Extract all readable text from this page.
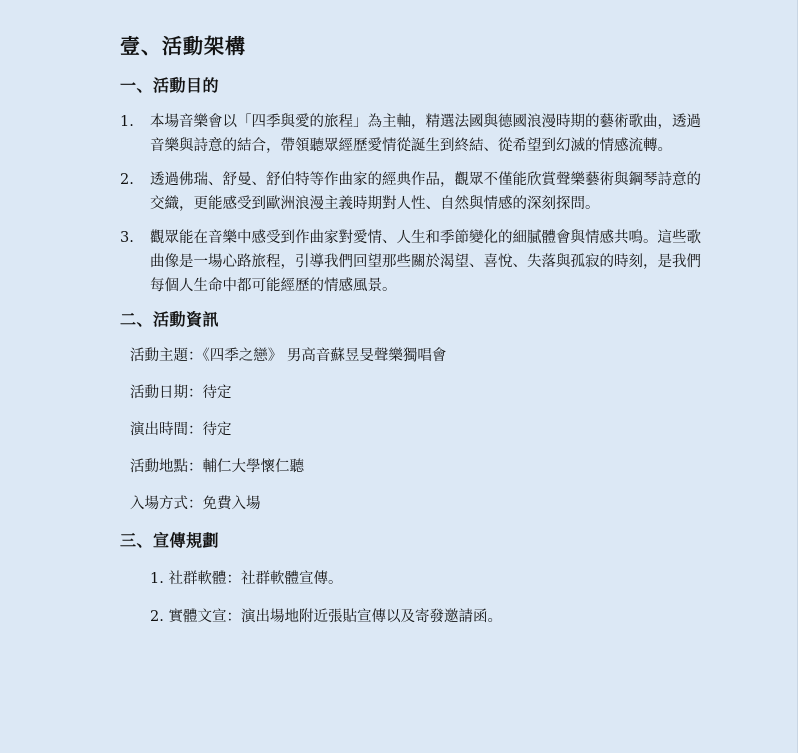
壹、活動架構
一、活動目的
1. 本場音樂會以「四季與愛的旅程」為主軸，精選法國與德國浪漫時期的藝術歌曲，透過音樂與詩意的結合，帶領聽眾經歷愛情從誕生到終結、從希望到幻滅的情感流轉。
2. 透過佛瑞、舒曼、舒伯特等作曲家的經典作品，觀眾不僅能欣賞聲樂藝術與鋼琴詩意的交織，更能感受到歐洲浪漫主義時期對人性、自然與情感的深刻探問。
3. 觀眾能在音樂中感受到作曲家對愛情、人生和季節變化的細膩體會與情感共鳴。這些歌曲像是一場心路旅程，引導我們回望那些關於渴望、喜悅、失落與孤寂的時刻，是我們每個人生命中都可能經歷的情感風景。
二、活動資訊
活動主題：《四季之戀》 男高音蘇昱旻聲樂獨唱會
活動日期：待定
演出時間：待定
活動地點：輔仁大學懷仁聽
入場方式：免費入場
三、宣傳規劃
1. 社群軟體：社群軟體宣傳。
2. 實體文宣：演出場地附近張貼宣傳以及寄發邀請函。
